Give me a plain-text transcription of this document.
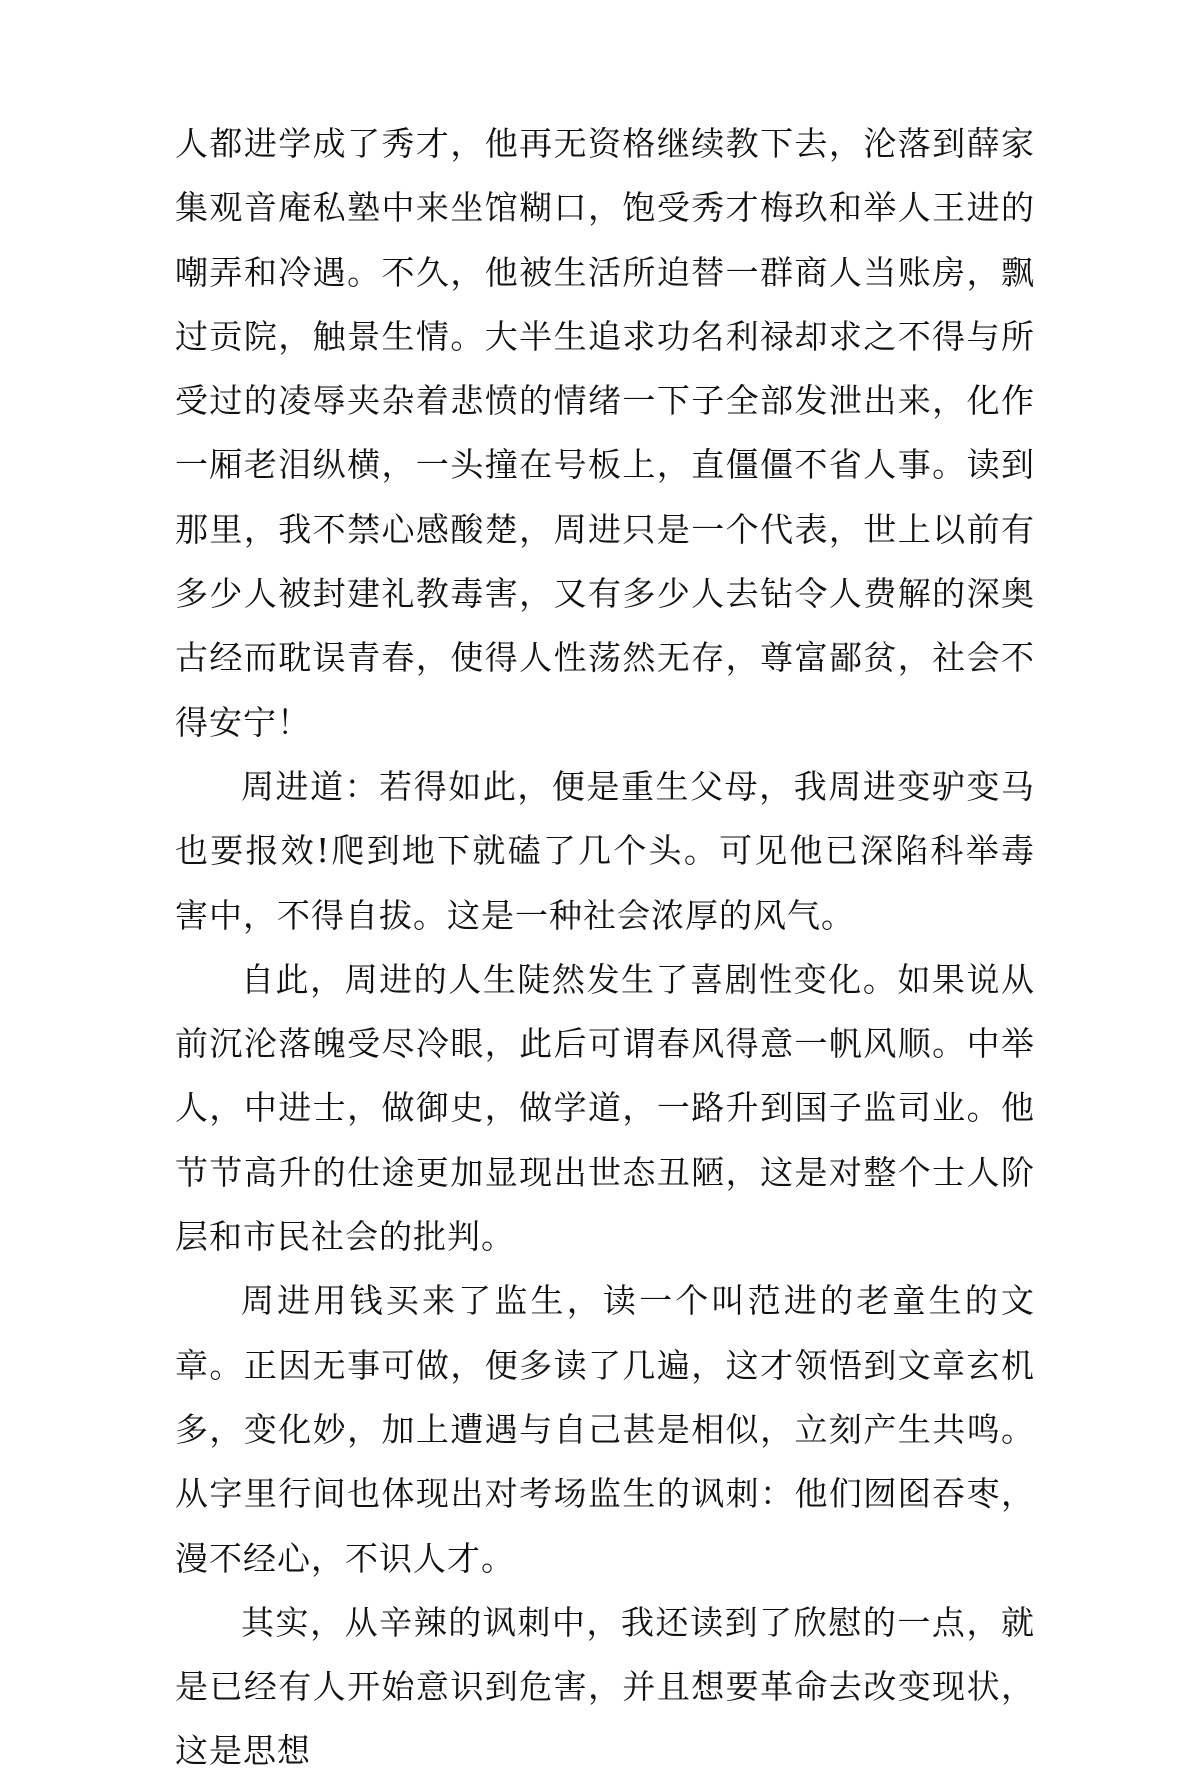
人都进学成了秀才，他再无资格继续教下去，沦落到薛家集观音庵私塾中来坐馆糊口，饱受秀才梅玖和举人王进的嘲弄和冷遇。不久，他被生活所迫替一群商人当账房，飘过贡院，触景生情。大半生追求功名利禄却求之不得与所受过的凌辱夹杂着悲愤的情绪一下子全部发泄出来，化作一厢老泪纵横，一头撞在号板上，直僵僵不省人事。读到那里，我不禁心感酸楚，周进只是一个代表，世上以前有多少人被封建礼教毒害，又有多少人去钻令人费解的深奥古经而耽误青春，使得人性荡然无存，尊富鄙贫，社会不得安宁！

周进道：若得如此，便是重生父母，我周进变驴变马也要报效!爬到地下就磕了几个头。可见他已深陷科举毒害中，不得自拔。这是一种社会浓厚的风气。

自此，周进的人生陡然发生了喜剧性变化。如果说从前沉沦落魄受尽冷眼，此后可谓春风得意一帆风顺。中举人，中进士，做御史，做学道，一路升到国子监司业。他节节高升的仕途更加显现出世态丑陋，这是对整个士人阶层和市民社会的批判。

周进用钱买来了监生，读一个叫范进的老童生的文章。正因无事可做，便多读了几遍，这才领悟到文章玄机多，变化妙，加上遭遇与自己甚是相似，立刻产生共鸣。从字里行间也体现出对考场监生的讽刺：他们囫囵吞枣，漫不经心，不识人才。

其实，从辛辣的讽刺中，我还读到了欣慰的一点，就是已经有人开始意识到危害，并且想要革命去改变现状，这是思想
